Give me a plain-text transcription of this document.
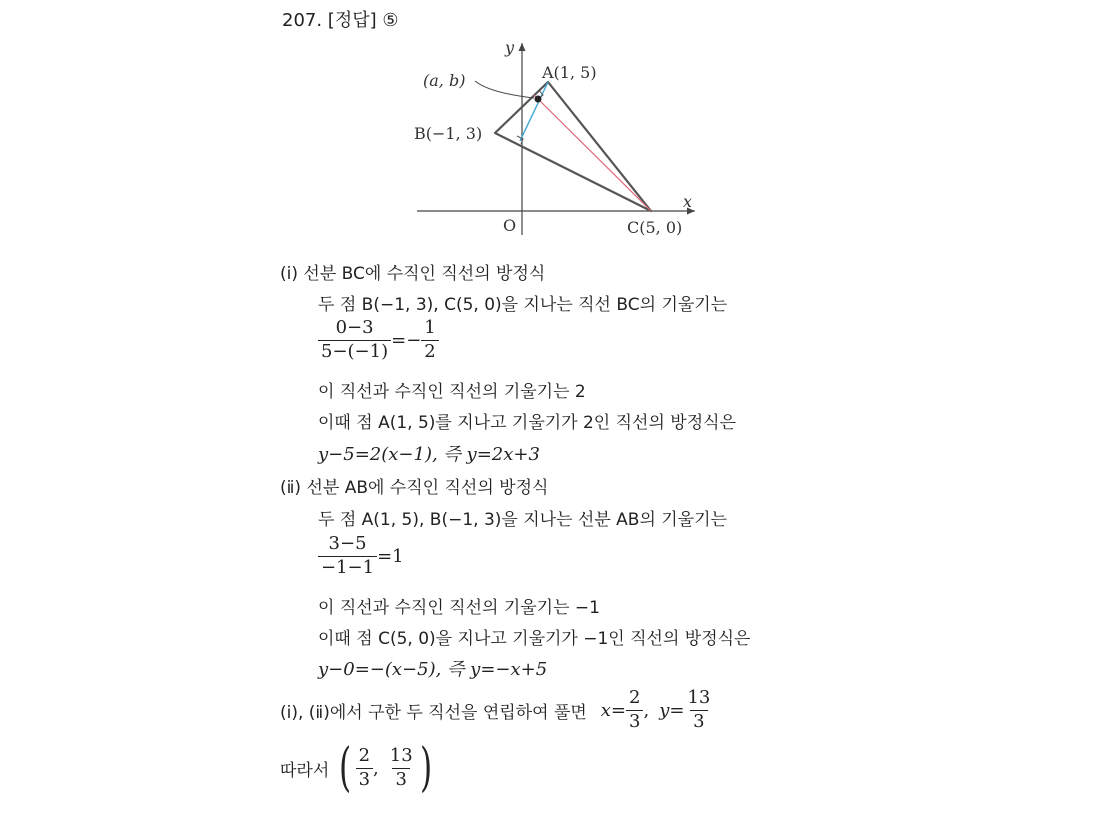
207. [정답] ⑤
y
x
O
A(1, 5)
B(−1, 3)
C(5, 0)
(a, b)
(ⅰ) 선분 BC에 수직인 직선의 방정식
두 점 B(−1, 3), C(5, 0)을 지나는 직선 BC의 기울기는
$\frac{0-3}{5-(-1)} =- \frac{1}{2}$
이 직선과 수직인 직선의 기울기는 2
이때 점 A(1, 5)를 지나고 기울기가 2인 직선의 방정식은
y−5=2(x−1), 즉 y=2x+3
(ⅱ) 선분 AB에 수직인 직선의 방정식
두 점 A(1, 5), B(−1, 3)을 지나는 선분 AB의 기울기는
$\frac{3-5}{-1-1} =1$
이 직선과 수직인 직선의 기울기는 −1
이때 점 C(5, 0)을 지나고 기울기가 −1인 직선의 방정식은
y−0=−(x−5), 즉 y=−x+5
(ⅰ), (ⅱ)에서 구한 두 직선을 연립하여 풀면 $x= \frac{2}{3}$ , $y= \frac{13}{3}$
따라서 ( $\frac{2}{3}$ , $\frac{13}{3}$ )
